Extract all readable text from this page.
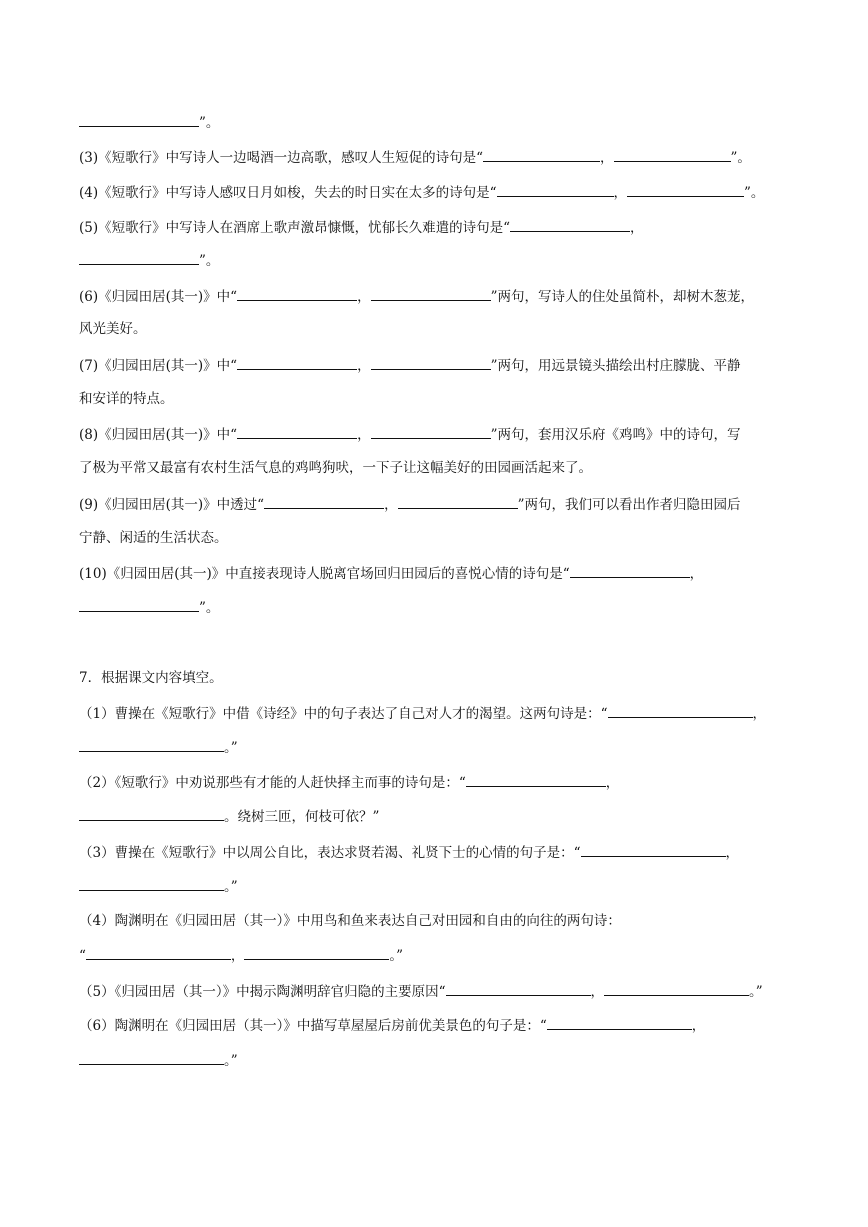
”。
(3)《短歌行》中写诗人一边喝酒一边高歌，感叹人生短促的诗句是“	，	”。
(4)《短歌行》中写诗人感叹日月如梭，失去的时日实在太多的诗句是“	，	”。
(5)《短歌行》中写诗人在酒席上歌声激昂慷慨，忧郁长久难遣的诗句是“	，
”。
(6)《归园田居(其一)》中“	，	”两句，写诗人的住处虽简朴，却树木葱茏，
风光美好。
(7)《归园田居(其一)》中“	，	”两句，用远景镜头描绘出村庄朦胧、平静
和安详的特点。
(8)《归园田居(其一)》中“	，	”两句，套用汉乐府《鸡鸣》中的诗句，写
了极为平常又最富有农村生活气息的鸡鸣狗吠，一下子让这幅美好的田园画活起来了。
(9)《归园田居(其一)》中透过“	，	”两句，我们可以看出作者归隐田园后
宁静、闲适的生活状态。
(10)《归园田居(其一)》中直接表现诗人脱离官场回归田园后的喜悦心情的诗句是“	，
”。
7．根据课文内容填空。
（1）曹操在《短歌行》中借《诗经》中的句子表达了自己对人才的渴望。这两句诗是：“	，
。”
（2）《短歌行》中劝说那些有才能的人赶快择主而事的诗句是：“	，
。绕树三匝，何枝可依？”
（3）曹操在《短歌行》中以周公自比，表达求贤若渴、礼贤下士的心情的句子是：“	，
。”
（4）陶渊明在《归园田居（其一）》中用鸟和鱼来表达自己对田园和自由的向往的两句诗：
“	，	。”
（5）《归园田居（其一）》中揭示陶渊明辞官归隐的主要原因“	，	。”
（6）陶渊明在《归园田居（其一）》中描写草屋屋后房前优美景色的句子是：“	，
。”
